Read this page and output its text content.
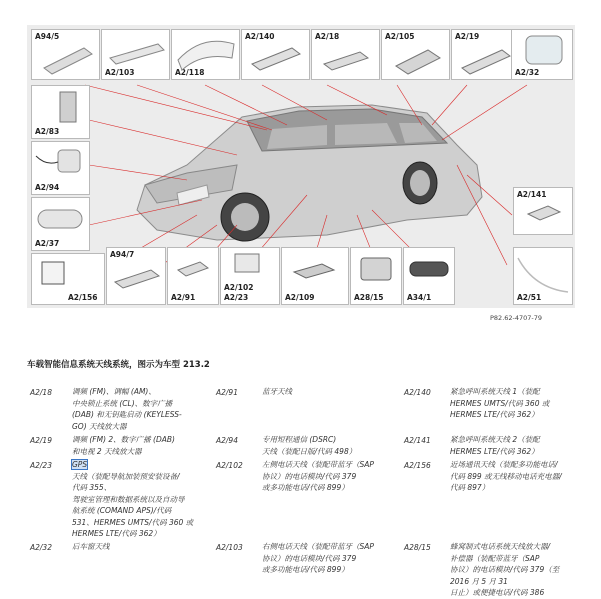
A94/5
A2/103	A2/118
A2/140	A2/18	A2/105	A2/19
A2/32
A2/83
A2/94
A2/37
A2/141
A2/51
A2/156
A94/7
A2/91
A2/102
A2/23	A2/109	A28/15	A34/1
P82.62-4707-79
车载智能信息系统天线系统，图示为车型 213.2
A2/18	调频 (FM)、调幅 (AM)、
中央锁止系统 (CL)、数字广播
(DAB) 和无钥匙启动 (KEYLESS-
GO) 天线放大器
A2/19	调频 (FM) 2、数字广播 (DAB)
和电视 2 天线放大器
A2/23	GPS
天线（装配导航加装预安装设备/
代码 355、
驾驶室管理和数据系统以及自动导
航系统 (COMAND APS)/代码
531、HERMES UMTS/代码 360 或
HERMES LTE/代码 362）
A2/32	后车窗天线
A2/91	蓝牙天线
A2/94	专用短程通信 (DSRC)
天线（装配日版/代码 498）
A2/102	左侧电话天线（装配带蓝牙（SAP
协议）的电话模块/代码 379
或多功能电话/代码 899）
A2/103	右侧电话天线（装配带蓝牙（SAP
协议）的电话模块/代码 379
或多功能电话/代码 899）
A2/140	紧急呼叫系统天线 1（装配
HERMES UMTS/代码 360 或
HERMES LTE/代码 362）
A2/141	紧急呼叫系统天线 2（装配
HERMES LTE/代码 362）
A2/156	近场通讯天线（装配多功能电话/
代码 899 或无线移动电话充电器/
代码 897）
A28/15	蜂窝制式电话系统天线放大器/
补偿器（装配带蓝牙（SAP
协议）的电话模块/代码 379（至
2016 月 5 月 31
日止）或便捷电话/代码 386
